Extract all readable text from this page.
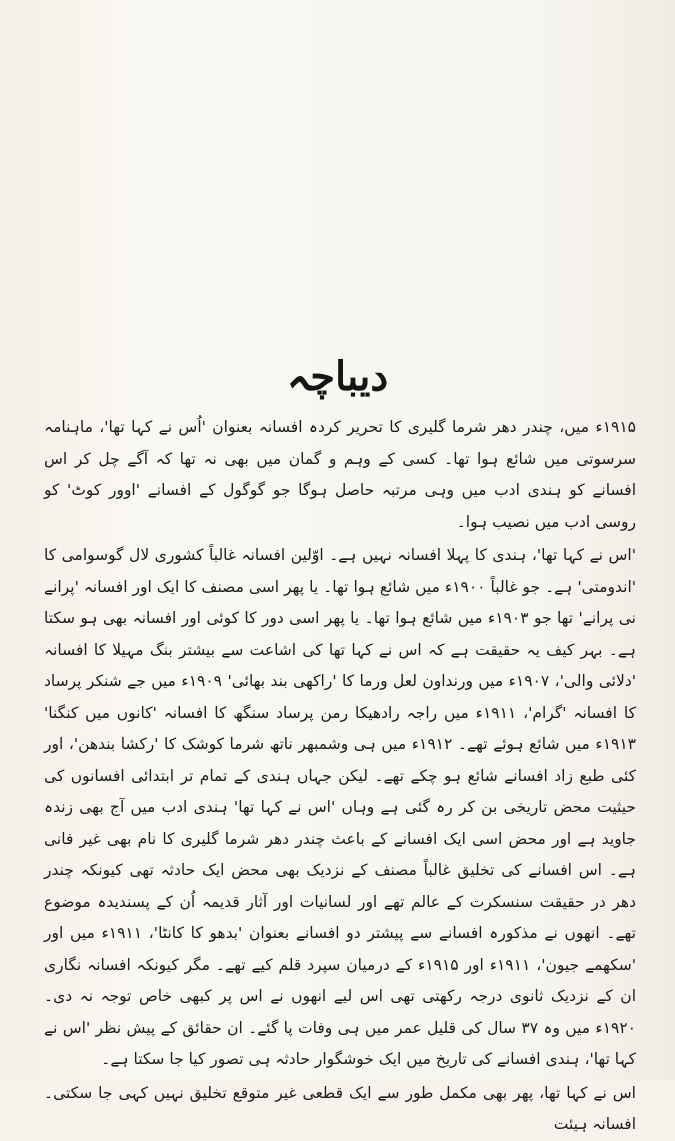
دیباچہ

۱۹۱۵ء میں، چندر دھر شرما گلیری کا تحریر کردہ افسانہ بعنوان 'اُس نے کہا تھا'، ماہنامہ سرسوتی میں شائع ہوا تھا۔ کسی کے وہم و گمان میں بھی نہ تھا کہ آگے چل کر اس افسانے کو ہندی ادب میں وہی مرتبہ حاصل ہوگا جو گوگول کے افسانے 'اوور کوٹ' کو روسی ادب میں نصیب ہوا۔

'اس نے کہا تھا'، ہندی کا پہلا افسانہ نہیں ہے۔ اوّلین افسانہ غالباً کشوری لال گوسوامی کا 'اندومتی' ہے۔ جو غالباً ۱۹۰۰ء میں شائع ہوا تھا۔ یا پھر اسی مصنف کا ایک اور افسانہ 'پرانے نی پرانے' تھا جو ۱۹۰۳ء میں شائع ہوا تھا۔ یا پھر اسی دور کا کوئی اور افسانہ بھی ہو سکتا ہے۔ بہر کیف یہ حقیقت ہے کہ اس نے کہا تھا کی اشاعت سے بیشتر بنگ مہیلا کا افسانہ 'دلائی والی'، ۱۹۰۷ء میں ورنداون لعل ورما کا 'راکھی بند بھائی' ۱۹۰۹ء میں جے شنکر پرساد کا افسانہ 'گرام'، ۱۹۱۱ء میں راجہ رادھیکا رمن پرساد سنگھ کا افسانہ 'کانوں میں کنگنا' ۱۹۱۳ء میں شائع ہوئے تھے۔ ۱۹۱۲ء میں ہی وشمبھر ناتھ شرما کوشک کا 'رکشا بندھن'، اور کئی طبع زاد افسانے شائع ہو چکے تھے۔ لیکن جہاں ہندی کے تمام تر ابتدائی افسانوں کی حیثیت محض تاریخی بن کر رہ گئی ہے وہاں 'اس نے کہا تھا' ہندی ادب میں آج بھی زندہ جاوید ہے اور محض اسی ایک افسانے کے باعث چندر دھر شرما گلیری کا نام بھی غیر فانی ہے۔ اس افسانے کی تخلیق غالباً مصنف کے نزدیک بھی محض ایک حادثہ تھی کیونکہ چندر دھر در حقیقت سنسکرت کے عالم تھے اور لسانیات اور آثار قدیمہ اُن کے پسندیدہ موضوع تھے۔ انھوں نے مذکورہ افسانے سے پیشتر دو افسانے بعنوان 'بدھو کا کانٹا'، ۱۹۱۱ء میں اور 'سکھمے جیون'، ۱۹۱۱ء اور ۱۹۱۵ء کے درمیان سپرد قلم کیے تھے۔ مگر کیونکہ افسانہ نگاری ان کے نزدیک ثانوی درجہ رکھتی تھی اس لیے انھوں نے اس پر کبھی خاص توجہ نہ دی۔ ۱۹۲۰ء میں وہ ۳۷ سال کی قلیل عمر میں ہی وفات پا گئے۔ ان حقائق کے پیش نظر 'اس نے کہا تھا'، ہندی افسانے کی تاریخ میں ایک خوشگوار حادثہ ہی تصور کیا جا سکتا ہے۔

اس نے کہا تھا، پھر بھی مکمل طور سے ایک قطعی غیر متوقع تخلیق نہیں کہی جا سکتی۔ افسانہ ہیئت
